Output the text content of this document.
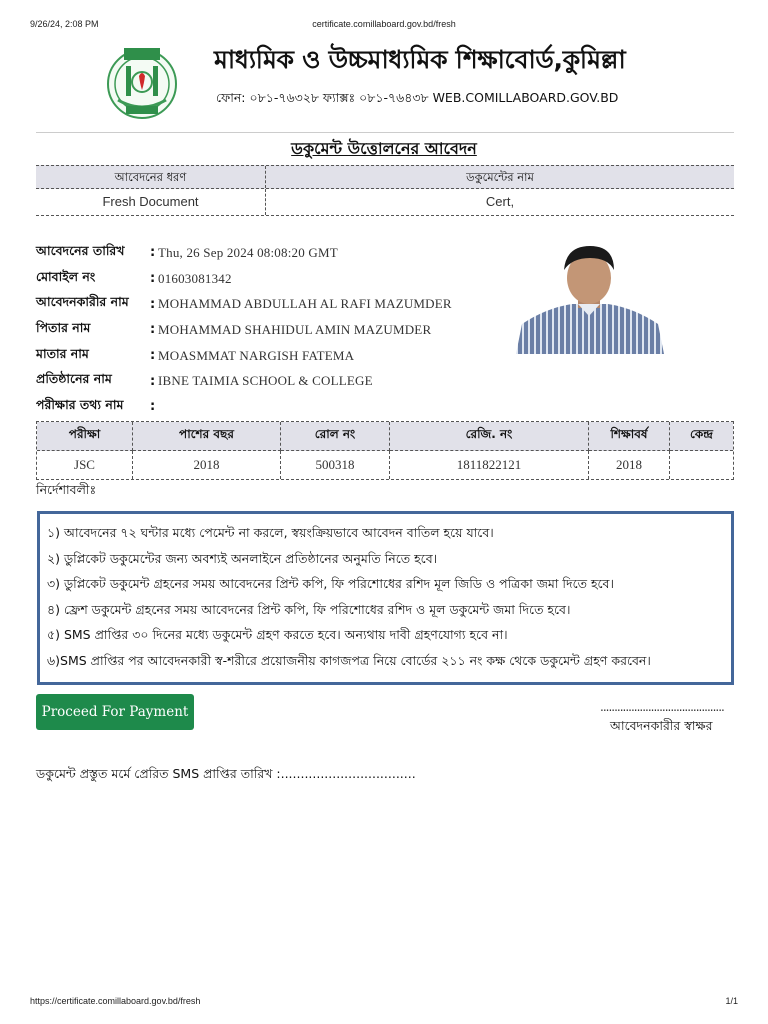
9/26/24, 2:08 PM	certificate.comillaboard.gov.bd/fresh
মাধ্যমিক ও উচ্চমাধ্যমিক শিক্ষাবোর্ড,কুমিল্লা
ফোন: ০৮১-৭৬৩২৮ ফ্যাক্সঃ ০৮১-৭৬৪৩৮ WEB.COMILLABOARD.GOV.BD
ডকুমেন্ট উত্তোলনের আবেদন
আবেদনের ধরণ	ডকুমেন্টের নাম
Fresh Document	Cert,
আবেদনের তারিখ	: Thu, 26 Sep 2024 08:08:20 GMT
মোবাইল নং	: 01603081342
আবেদনকারীর নাম	: MOHAMMAD ABDULLAH AL RAFI MAZUMDER
পিতার নাম	: MOHAMMAD SHAHIDUL AMIN MAZUMDER
মাতার নাম	: MOASMMAT NARGISH FATEMA
প্রতিষ্ঠানের নাম	: IBNE TAIMIA SCHOOL & COLLEGE
পরীক্ষার তথ্য নাম	:
পরীক্ষা	পাশের বছর	রোল নং	রেজি. নং	শিক্ষাবর্ষ	কেন্দ্র
JSC	2018	500318	1811822121	2018	
নির্দেশাবলীঃ
১) আবেদনের ৭২ ঘন্টার মধ্যে পেমেন্ট না করলে, স্বয়ংক্রিয়ভাবে আবেদন বাতিল হয়ে যাবে।
২) ডুপ্লিকেট ডকুমেন্টের জন্য অবশ্যই অনলাইনে প্রতিষ্ঠানের অনুমতি নিতে হবে।
৩) ডুপ্লিকেট ডকুমেন্ট গ্রহনের সময় আবেদনের প্রিন্ট কপি, ফি পরিশোধের রশিদ মূল জিডি ও পত্রিকা জমা দিতে হবে।
৪) ফ্রেশ ডকুমেন্ট গ্রহনের সময় আবেদনের প্রিন্ট কপি, ফি পরিশোধের রশিদ ও মূল ডকুমেন্ট জমা দিতে হবে।
৫) SMS প্রাপ্তির ৩০ দিনের মধ্যে ডকুমেন্ট গ্রহণ করতে হবে। অন্যথায় দাবী গ্রহণযোগ্য হবে না।
৬)SMS প্রাপ্তির পর আবেদনকারী স্ব-শরীরে প্রয়োজনীয় কাগজপত্র নিয়ে বোর্ডের ২১১ নং কক্ষ থেকে ডকুমেন্ট গ্রহণ করবেন।
Proceed For Payment	............................................
আবেদনকারীর স্বাক্ষর
ডকুমেন্ট প্রস্তুত মর্মে প্রেরিত SMS প্রাপ্তির তারিখ :..................................
https://certificate.comillaboard.gov.bd/fresh	1/1
